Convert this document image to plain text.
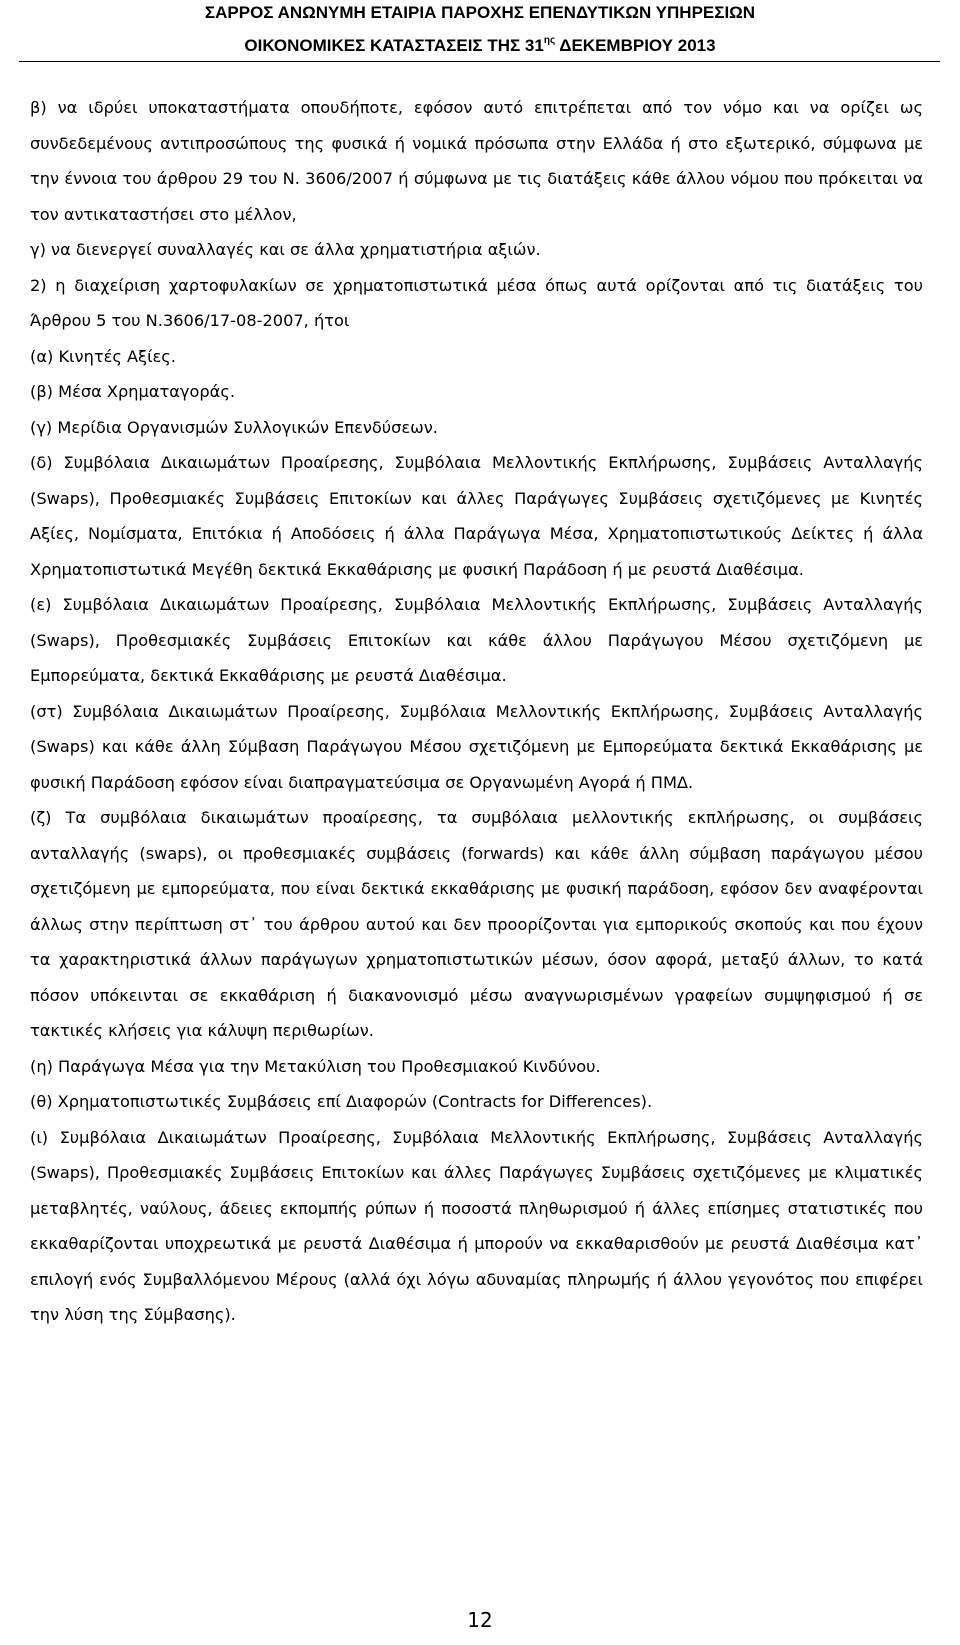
ΣΑΡΡΟΣ ΑΝΩΝΥΜΗ ΕΤΑΙΡΙΑ ΠΑΡΟΧΗΣ ΕΠΕΝΔΥΤΙΚΩΝ ΥΠΗΡΕΣΙΩΝ
ΟΙΚΟΝΟΜΙΚΕΣ ΚΑΤΑΣΤΑΣΕΙΣ ΤΗΣ $31^{\eta\varsigma}$ ΔΕΚΕΜΒΡΙΟΥ 2013

β) να ιδρύει υποκαταστήματα οπουδήποτε, εφόσον αυτό επιτρέπεται από τον νόμο και να ορίζει ως συνδεδεμένους αντιπροσώπους της φυσικά ή νομικά πρόσωπα στην Ελλάδα ή στο εξωτερικό, σύμφωνα με την έννοια του άρθρου 29 του Ν. 3606/2007 ή σύμφωνα με τις διατάξεις κάθε άλλου νόμου που πρόκειται να τον αντικαταστήσει στο μέλλον,

γ) να διενεργεί συναλλαγές και σε άλλα χρηματιστήρια αξιών.

2) η διαχείριση χαρτοφυλακίων σε χρηματοπιστωτικά μέσα όπως αυτά ορίζονται από τις διατάξεις του Άρθρου 5 του Ν.3606/17-08-2007, ήτοι

(α) Κινητές Αξίες.

(β) Μέσα Χρηματαγοράς.

(γ) Μερίδια Οργανισμών Συλλογικών Επενδύσεων.

(δ) Συμβόλαια Δικαιωμάτων Προαίρεσης, Συμβόλαια Μελλοντικής Εκπλήρωσης, Συμβάσεις Ανταλλαγής (Swaps), Προθεσμιακές Συμβάσεις Επιτοκίων και άλλες Παράγωγες Συμβάσεις σχετιζόμενες με Κινητές Αξίες, Νομίσματα, Επιτόκια ή Αποδόσεις ή άλλα Παράγωγα Μέσα, Χρηματοπιστωτικούς Δείκτες ή άλλα Χρηματοπιστωτικά Μεγέθη δεκτικά Εκκαθάρισης με φυσική Παράδοση ή με ρευστά Διαθέσιμα.

(ε) Συμβόλαια Δικαιωμάτων Προαίρεσης, Συμβόλαια Μελλοντικής Εκπλήρωσης, Συμβάσεις Ανταλλαγής (Swaps), Προθεσμιακές Συμβάσεις Επιτοκίων και κάθε άλλου Παράγωγου Μέσου σχετιζόμενη με Εμπορεύματα, δεκτικά Εκκαθάρισης με ρευστά Διαθέσιμα.

(στ) Συμβόλαια Δικαιωμάτων Προαίρεσης, Συμβόλαια Μελλοντικής Εκπλήρωσης, Συμβάσεις Ανταλλαγής (Swaps) και κάθε άλλη Σύμβαση Παράγωγου Μέσου σχετιζόμενη με Εμπορεύματα δεκτικά Εκκαθάρισης με φυσική Παράδοση εφόσον είναι διαπραγματεύσιμα σε Οργανωμένη Αγορά ή ΠΜΔ.

(ζ) Τα συμβόλαια δικαιωμάτων προαίρεσης, τα συμβόλαια μελλοντικής εκπλήρωσης, οι συμβάσεις ανταλλαγής (swaps), οι προθεσμιακές συμβάσεις (forwards) και κάθε άλλη σύμβαση παράγωγου μέσου σχετιζόμενη με εμπορεύματα, που είναι δεκτικά εκκαθάρισης με φυσική παράδοση, εφόσον δεν αναφέρονται άλλως στην περίπτωση στ᾽ του άρθρου αυτού και δεν προορίζονται για εμπορικούς σκοπούς και που έχουν τα χαρακτηριστικά άλλων παράγωγων χρηματοπιστωτικών μέσων, όσον αφορά, μεταξύ άλλων, το κατά πόσον υπόκεινται σε εκκαθάριση ή διακανονισμό μέσω αναγνωρισμένων γραφείων συμψηφισμού ή σε τακτικές κλήσεις για κάλυψη περιθωρίων.

(η) Παράγωγα Μέσα για την Μετακύλιση του Προθεσμιακού Κινδύνου.

(θ) Χρηματοπιστωτικές Συμβάσεις επί Διαφορών (Contracts for Differences).

(ι) Συμβόλαια Δικαιωμάτων Προαίρεσης, Συμβόλαια Μελλοντικής Εκπλήρωσης, Συμβάσεις Ανταλλαγής (Swaps), Προθεσμιακές Συμβάσεις Επιτοκίων και άλλες Παράγωγες Συμβάσεις σχετιζόμενες με κλιματικές μεταβλητές, ναύλους, άδειες εκπομπής ρύπων ή ποσοστά πληθωρισμού ή άλλες επίσημες στατιστικές που εκκαθαρίζονται υποχρεωτικά με ρευστά Διαθέσιμα ή μπορούν να εκκαθαρισθούν με ρευστά Διαθέσιμα κατ᾽ επιλογή ενός Συμβαλλόμενου Μέρους (αλλά όχι λόγω αδυναμίας πληρωμής ή άλλου γεγονότος που επιφέρει την λύση της Σύμβασης).

12
